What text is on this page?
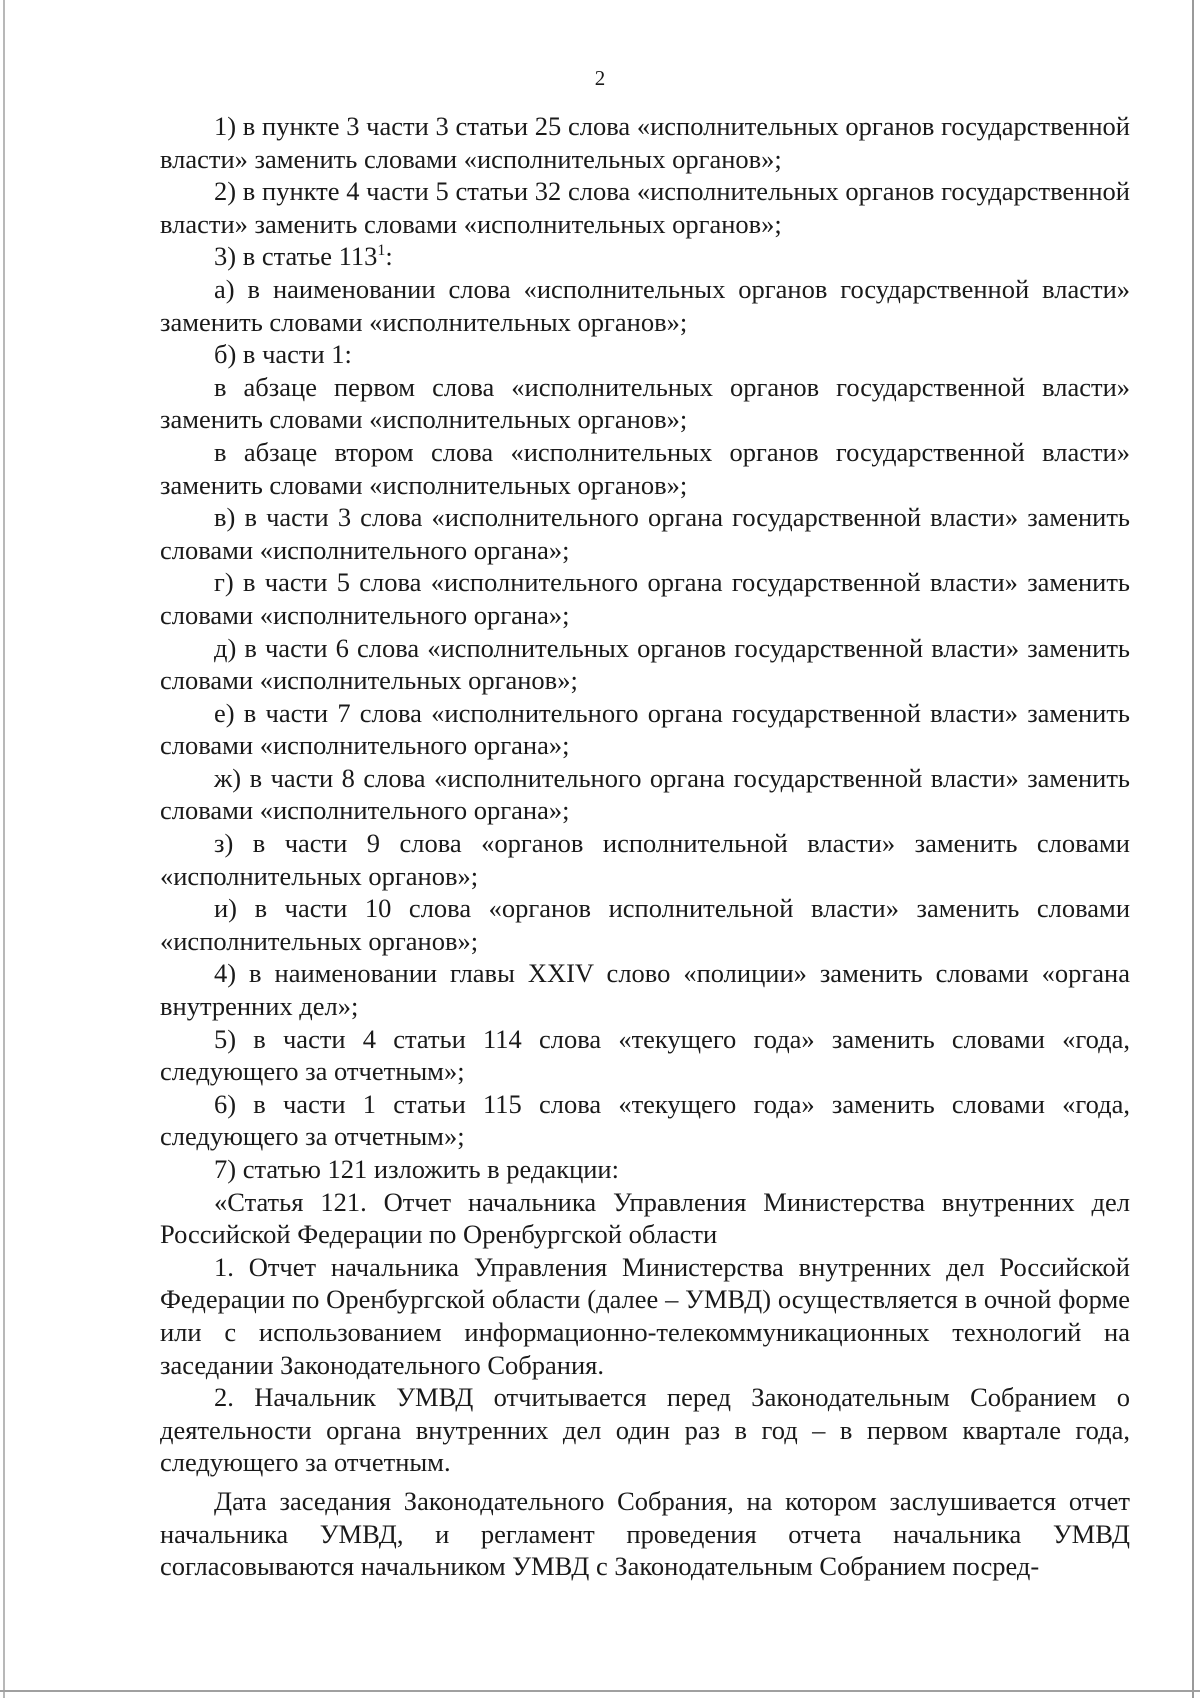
2

1) в пункте 3 части 3 статьи 25 слова «исполнительных органов государственной власти» заменить словами «исполнительных органов»;

2) в пункте 4 части 5 статьи 32 слова «исполнительных органов государственной власти» заменить словами «исполнительных органов»;

3) в статье $113^1$:

а) в наименовании слова «исполнительных органов государственной власти» заменить словами «исполнительных органов»;

б) в части 1:

в абзаце первом слова «исполнительных органов государственной власти» заменить словами «исполнительных органов»;

в абзаце втором слова «исполнительных органов государственной власти» заменить словами «исполнительных органов»;

в) в части 3 слова «исполнительного органа государственной власти» заменить словами «исполнительного органа»;

г) в части 5 слова «исполнительного органа государственной власти» заменить словами «исполнительного органа»;

д) в части 6 слова «исполнительных органов государственной власти» заменить словами «исполнительных органов»;

е) в части 7 слова «исполнительного органа государственной власти» заменить словами «исполнительного органа»;

ж) в части 8 слова «исполнительного органа государственной власти» заменить словами «исполнительного органа»;

з) в части 9 слова «органов исполнительной власти» заменить словами «исполнительных органов»;

и) в части 10 слова «органов исполнительной власти» заменить словами «исполнительных органов»;

4) в наименовании главы XXIV слово «полиции» заменить словами «органа внутренних дел»;

5) в части 4 статьи 114 слова «текущего года» заменить словами «года, следующего за отчетным»;

6) в части 1 статьи 115 слова «текущего года» заменить словами «года, следующего за отчетным»;

7) статью 121 изложить в редакции:

«Статья 121. Отчет начальника Управления Министерства внутренних дел Российской Федерации по Оренбургской области

1. Отчет начальника Управления Министерства внутренних дел Российской Федерации по Оренбургской области (далее – УМВД) осуществляется в очной форме или с использованием информационно-телекоммуникационных технологий на заседании Законодательного Собрания.

2. Начальник УМВД отчитывается перед Законодательным Собранием о деятельности органа внутренних дел один раз в год – в первом квартале года, следующего за отчетным.

Дата заседания Законодательного Собрания, на котором заслушивается отчет начальника УМВД, и регламент проведения отчета начальника УМВД согласовываются начальником УМВД с Законодательным Собранием посред-
